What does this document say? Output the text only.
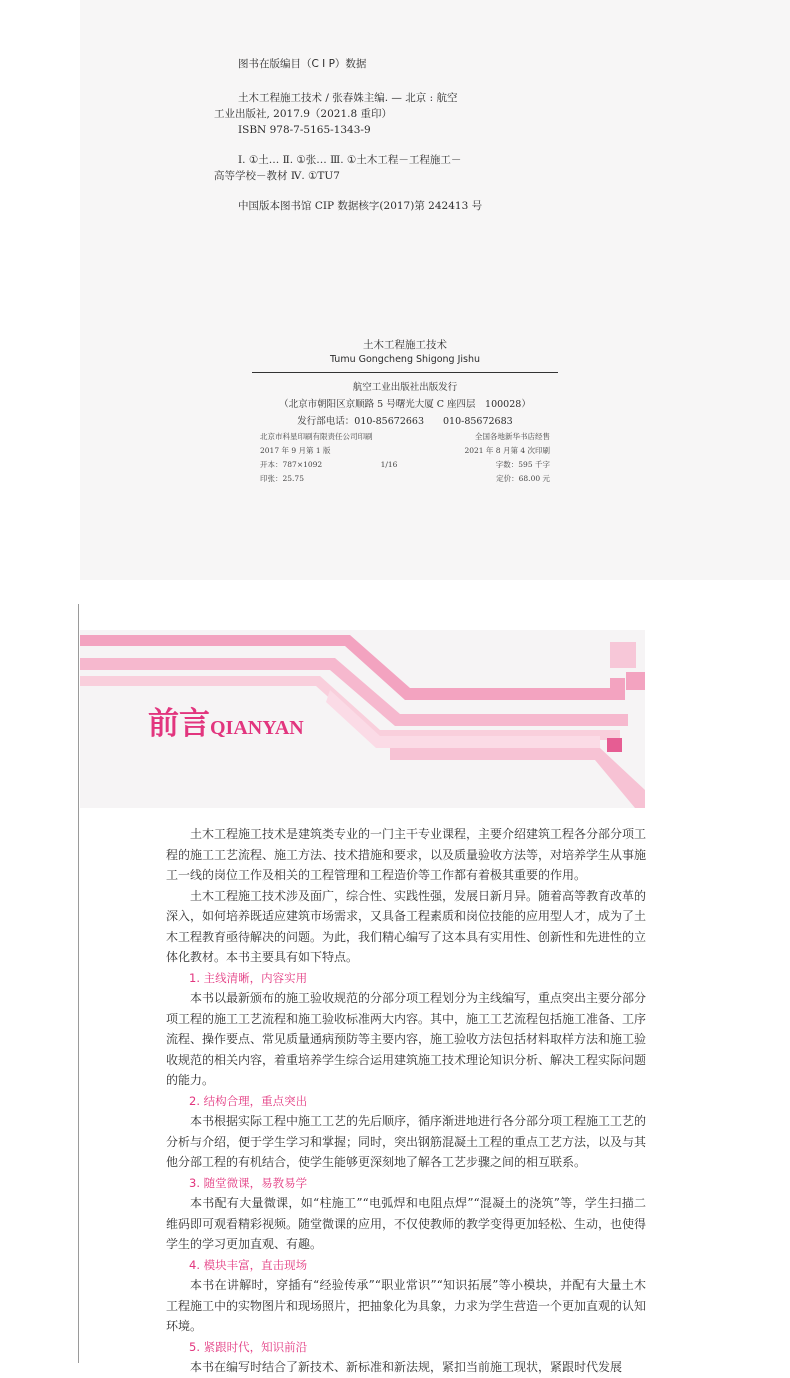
图书在版编目（C I P）数据
土木工程施工技术 / 张春姝主编. — 北京 : 航空
工业出版社, 2017.9（2021.8 重印）
ISBN 978-7-5165-1343-9
Ⅰ. ①土… Ⅱ. ①张… Ⅲ. ①土木工程－工程施工－
高等学校－教材 Ⅳ. ①TU7
中国版本图书馆 CIP 数据核字(2017)第 242413 号
土木工程施工技术
Tumu Gongcheng Shigong Jishu
航空工业出版社出版发行
（北京市朝阳区京顺路 5 号曙光大厦 C 座四层　100028）
发行部电话：010-85672663　　010-85672683
北京市科星印刷有限责任公司印刷	全国各地新华书店经售
2017 年 9 月第 1 版	2021 年 8 月第 4 次印刷
开本：787×1092	1/16	字数：595 千字
印张：25.75	定价：68.00 元
前言QIANYAN

土木工程施工技术是建筑类专业的一门主干专业课程，主要介绍建筑工程各分部分项工程的施工工艺流程、施工方法、技术措施和要求，以及质量验收方法等，对培养学生从事施工一线的岗位工作及相关的工程管理和工程造价等工作都有着极其重要的作用。

土木工程施工技术涉及面广，综合性、实践性强，发展日新月异。随着高等教育改革的深入，如何培养既适应建筑市场需求，又具备工程素质和岗位技能的应用型人才，成为了土木工程教育亟待解决的问题。为此，我们精心编写了这本具有实用性、创新性和先进性的立体化教材。本书主要具有如下特点。

1. 主线清晰，内容实用

本书以最新颁布的施工验收规范的分部分项工程划分为主线编写，重点突出主要分部分项工程的施工工艺流程和施工验收标准两大内容。其中，施工工艺流程包括施工准备、工序流程、操作要点、常见质量通病预防等主要内容，施工验收方法包括材料取样方法和施工验收规范的相关内容，着重培养学生综合运用建筑施工技术理论知识分析、解决工程实际问题的能力。

2. 结构合理，重点突出

本书根据实际工程中施工工艺的先后顺序，循序渐进地进行各分部分项工程施工工艺的分析与介绍，便于学生学习和掌握；同时，突出钢筋混凝土工程的重点工艺方法，以及与其他分部工程的有机结合，使学生能够更深刻地了解各工艺步骤之间的相互联系。

3. 随堂微课，易教易学

本书配有大量微课，如“柱施工”“电弧焊和电阻点焊”“混凝土的浇筑”等，学生扫描二维码即可观看精彩视频。随堂微课的应用，不仅使教师的教学变得更加轻松、生动，也使得学生的学习更加直观、有趣。

4. 模块丰富，直击现场

本书在讲解时，穿插有“经验传承”“职业常识”“知识拓展”等小模块，并配有大量土木工程施工中的实物图片和现场照片，把抽象化为具象，力求为学生营造一个更加直观的认知环境。

5. 紧跟时代，知识前沿

本书在编写时结合了新技术、新标准和新法规，紧扣当前施工现状，紧跟时代发展
